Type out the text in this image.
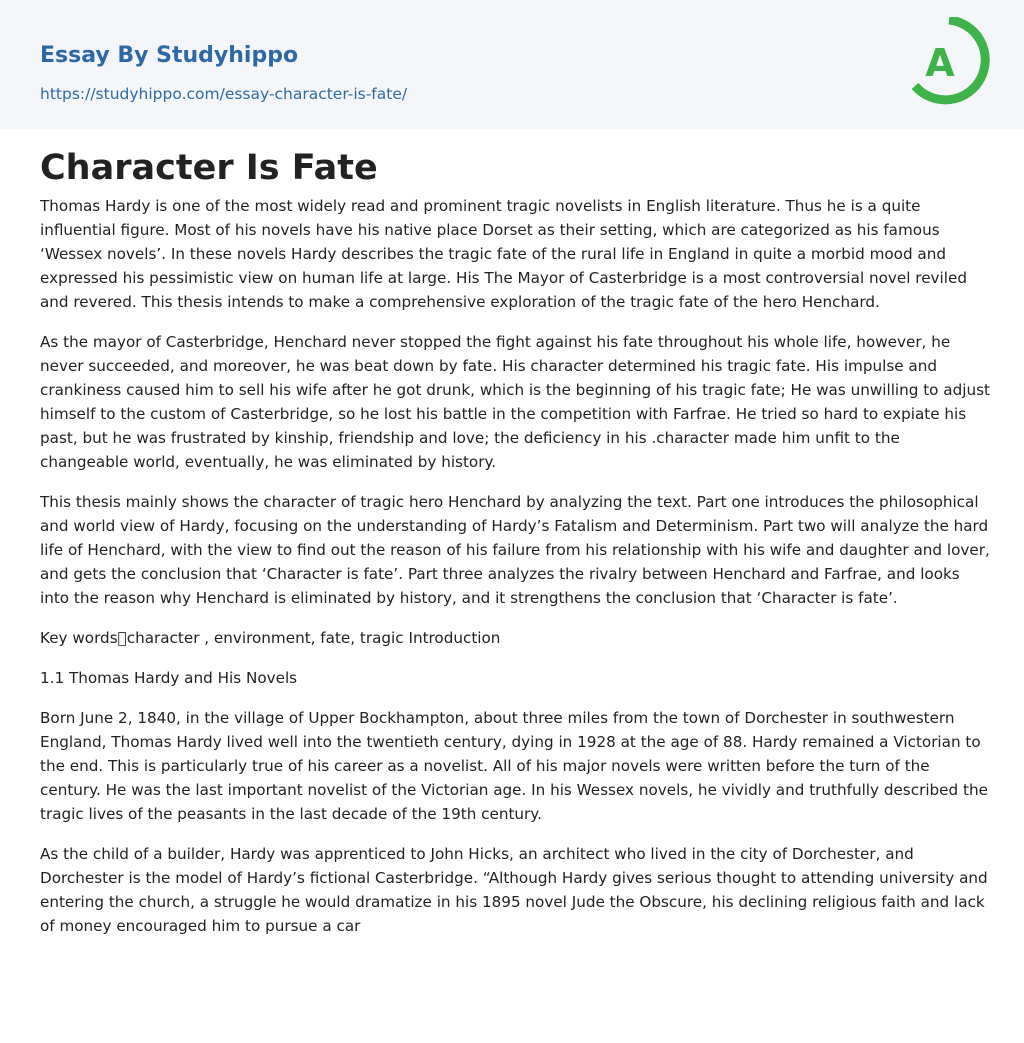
Essay By Studyhippo
https://studyhippo.com/essay-character-is-fate/
A
Character Is Fate

Thomas Hardy is one of the most widely read and prominent tragic novelists in English literature. Thus he is a quite influential figure. Most of his novels have his native place Dorset as their setting, which are categorized as his famous ‘Wessex novels’. In these novels Hardy describes the tragic fate of the rural life in England in quite a morbid mood and expressed his pessimistic view on human life at large. His The Mayor of Casterbridge is a most controversial novel reviled and revered. This thesis intends to make a comprehensive exploration of the tragic fate of the hero Henchard.

As the mayor of Casterbridge, Henchard never stopped the fight against his fate throughout his whole life, however, he never succeeded, and moreover, he was beat down by fate. His character determined his tragic fate. His impulse and crankiness caused him to sell his wife after he got drunk, which is the beginning of his tragic fate; He was unwilling to adjust himself to the custom of Casterbridge, so he lost his battle in the competition with Farfrae. He tried so hard to expiate his past, but he was frustrated by kinship, friendship and love; the deficiency in his .character made him unfit to the changeable world, eventually, he was eliminated by history.

This thesis mainly shows the character of tragic hero Henchard by analyzing the text. Part one introduces the philosophical and world view of Hardy, focusing on the understanding of Hardy’s Fatalism and Determinism. Part two will analyze the hard life of Henchard, with the view to find out the reason of his failure from his relationship with his wife and daughter and lover, and gets the conclusion that ‘Character is fate’. Part three analyzes the rivalry between Henchard and Farfrae, and looks into the reason why Henchard is eliminated by history, and it strengthens the conclusion that ‘Character is fate’.

Key words character , environment, fate, tragic Introduction

1.1 Thomas Hardy and His Novels

Born June 2, 1840, in the village of Upper Bockhampton, about three miles from the town of Dorchester in southwestern England, Thomas Hardy lived well into the twentieth century, dying in 1928 at the age of 88. Hardy remained a Victorian to the end. This is particularly true of his career as a novelist. All of his major novels were written before the turn of the century. He was the last important novelist of the Victorian age. In his Wessex novels, he vividly and truthfully described the tragic lives of the peasants in the last decade of the 19th century.

As the child of a builder, Hardy was apprenticed to John Hicks, an architect who lived in the city of Dorchester, and Dorchester is the model of Hardy’s fictional Casterbridge. “Although Hardy gives serious thought to attending university and entering the church, a struggle he would dramatize in his 1895 novel Jude the Obscure, his declining religious faith and lack of money encouraged him to pursue a car
